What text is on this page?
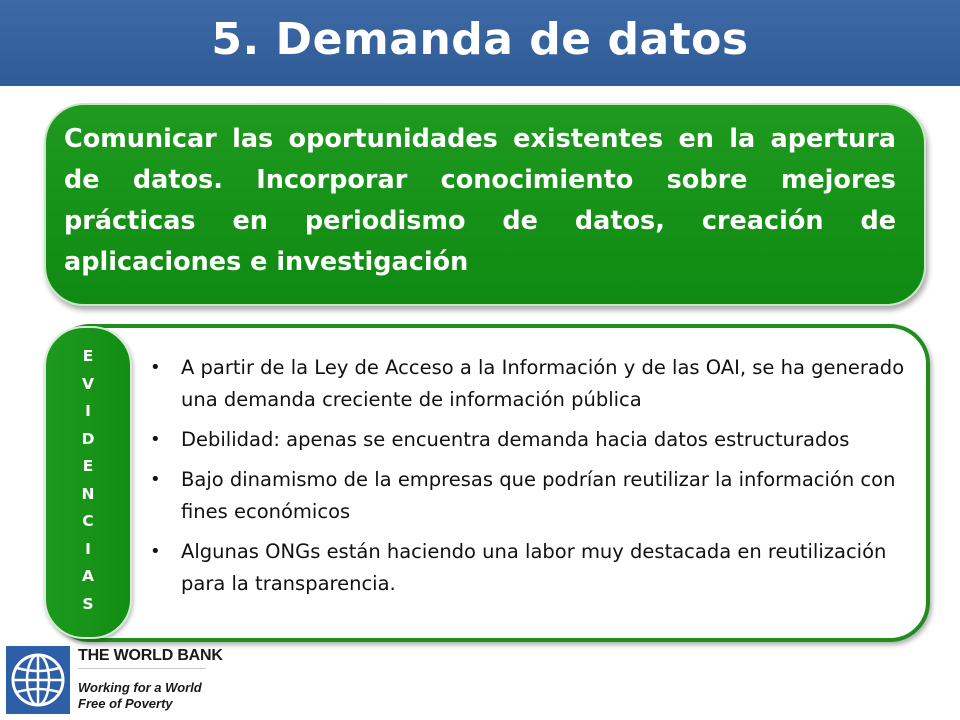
5. Demanda de datos

Comunicar las oportunidades existentes en la apertura de datos. Incorporar conocimiento sobre mejores prácticas en periodismo de datos, creación de aplicaciones e investigación

E
V
I
D
E
N
C
I
A
S
• A partir de la Ley de Acceso a la Información y de las OAI, se ha generado una demanda creciente de información pública
• Debilidad: apenas se encuentra demanda hacia datos estructurados
• Bajo dinamismo de la empresas que podrían reutilizar la información con fines económicos
• Algunas ONGs están haciendo una labor muy destacada en reutilización para la transparencia.
THE WORLD BANK
Working for a World
Free of Poverty
